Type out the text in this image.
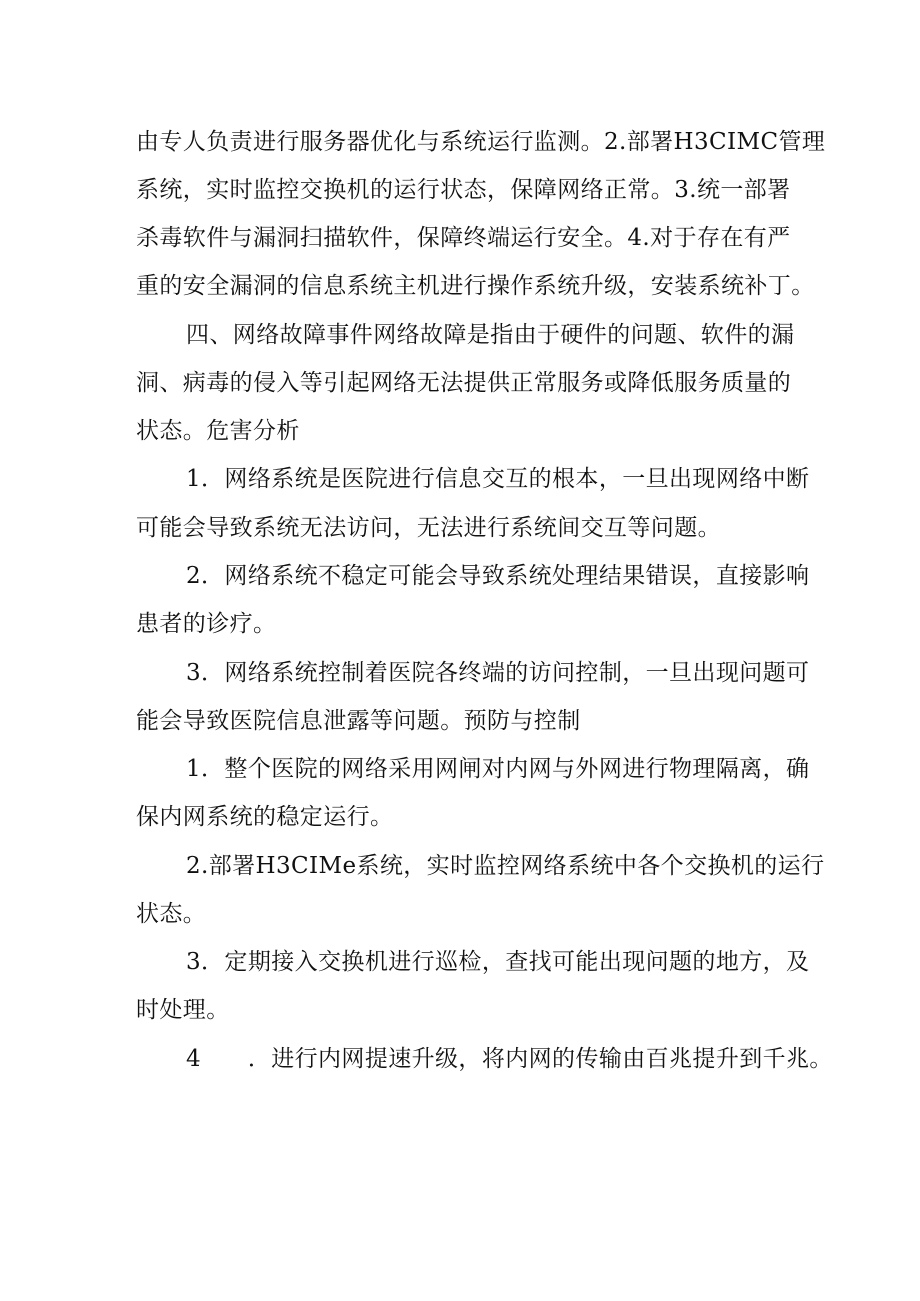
由专人负责进行服务器优化与系统运行监测。2.部署H3CIMC管理
系统，实时监控交换机的运行状态，保障网络正常。3.统一部署
杀毒软件与漏洞扫描软件，保障终端运行安全。4.对于存在有严
重的安全漏洞的信息系统主机进行操作系统升级，安装系统补丁。
四、网络故障事件网络故障是指由于硬件的问题、软件的漏
洞、病毒的侵入等引起网络无法提供正常服务或降低服务质量的
状态。危害分析
1．网络系统是医院进行信息交互的根本，一旦出现网络中断
可能会导致系统无法访问，无法进行系统间交互等问题。
2．网络系统不稳定可能会导致系统处理结果错误，直接影响
患者的诊疗。
3．网络系统控制着医院各终端的访问控制，一旦出现问题可
能会导致医院信息泄露等问题。预防与控制
1．整个医院的网络采用网闸对内网与外网进行物理隔离，确
保内网系统的稳定运行。
2.部署H3CIMe系统，实时监控网络系统中各个交换机的运行
状态。
3．定期接入交换机进行巡检，查找可能出现问题的地方，及
时处理。
4　　．进行内网提速升级，将内网的传输由百兆提升到千兆。
